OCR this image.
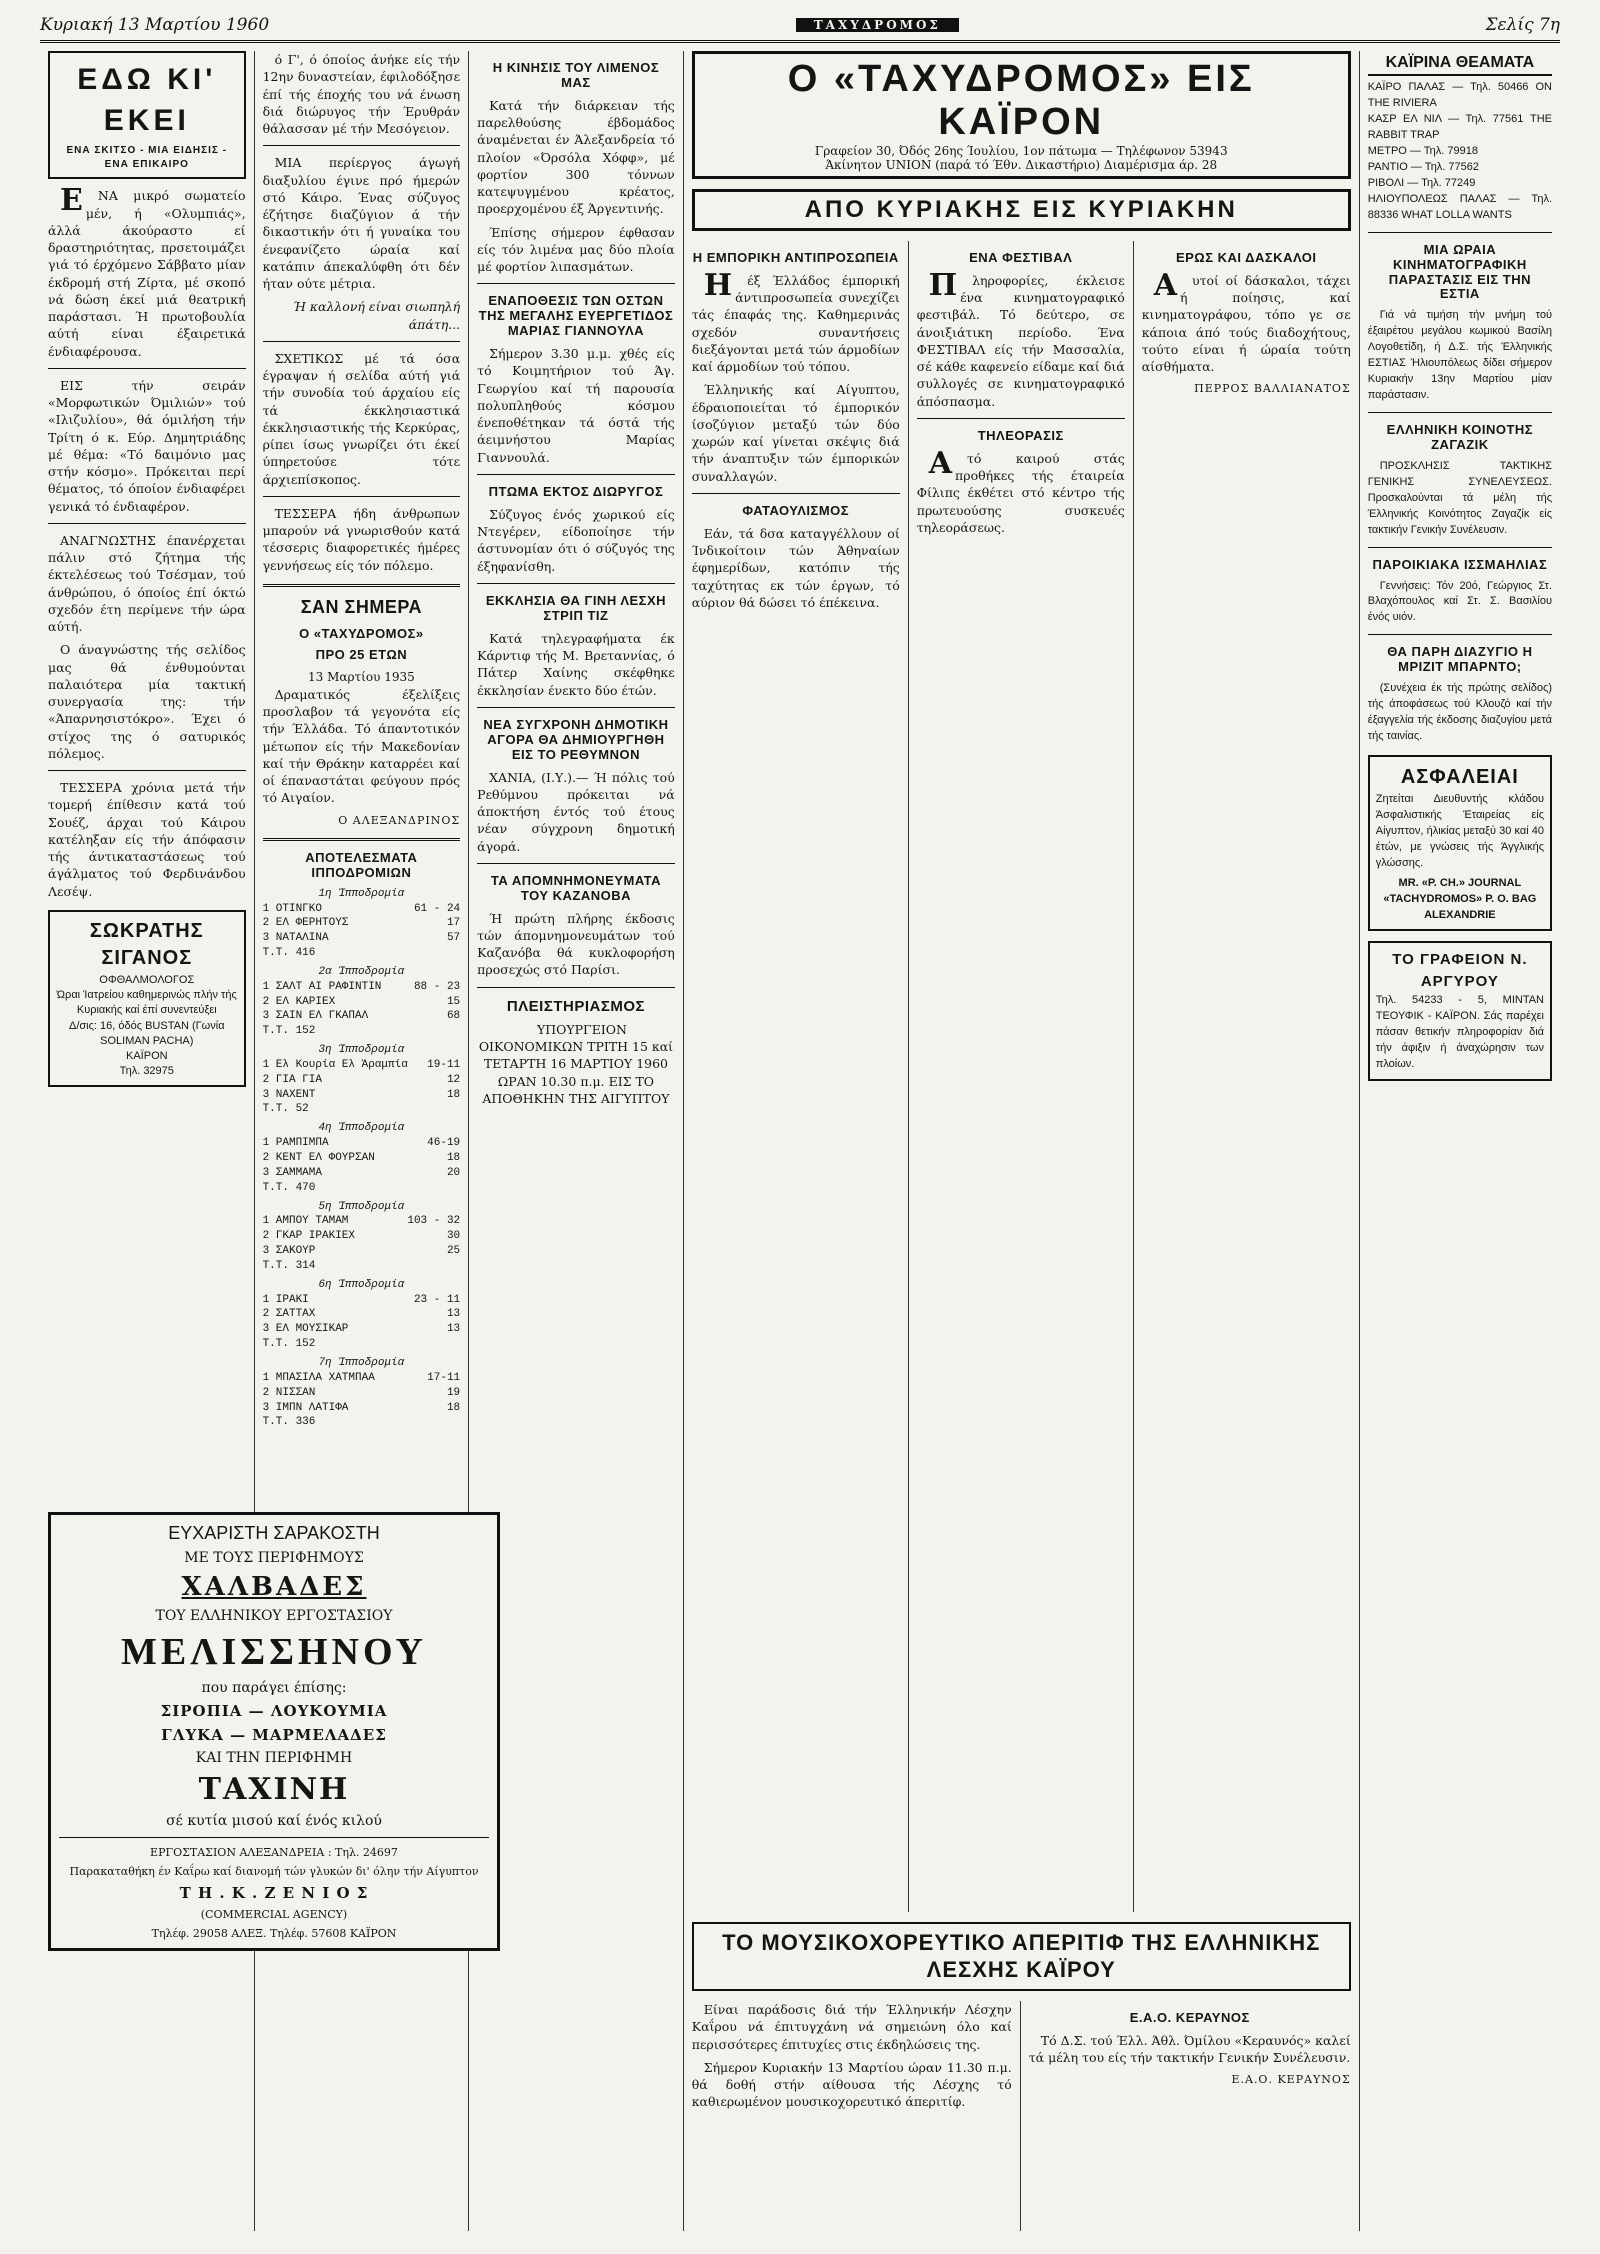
Κυριακή 13 Μαρτίου 1960	ΤΑΧΥΔΡΟΜΟΣ	Σελίς 7η
ΕΔΩ ΚΙ' ΕΚΕΙ
ΕΝΑ ΣΚΙΤΣΟ - ΜΙΑ ΕΙΔΗΣΙΣ - ΕΝΑ ΕΠΙΚΑΙΡΟ

ΕΝΑ μικρό σωματείο μέν, ή «Ολυμπιάς», άλλά άκούραστο εί δραστηριότητας, πρσετοιμάζει γιά τό έρχόμενο Σάββατο μίαν έκδρομή στή Ζίρτα, μέ σκοπό νά δώση έκεί μιά θεατρική παράστασι. Ή πρωτοβουλία αύτή είναι έξαιρετικά ένδιαφέρουσα.

ΕΙΣ τήν σειράν «Μορφωτικών Όμιλιών» τού «Ιλιζυλίου», θά όμιλήση τήν Τρίτη ό κ. Εύρ. Δημητριάδης μέ θέμα: «Τό δαιμόνιο μας στήν κόσμο». Πρόκειται περί θέματος, τό όποίον ένδιαφέρει γενικά τό ένδιαφέρον.

ΑΝΑΓΝΩΣΤΗΣ έπανέρχεται πάλιν στό ζήτημα τής έκτελέσεως τού Τσέσμαν, τού άνθρώπου, ό όποίος έπί όκτώ σχεδόν έτη περίμενε τήν ώρα αύτή.

Ο άναγνώστης τής σελίδος μας θά ένθυμούνται παλαιότερα μία τακτική συνεργασία της: τήν «Άπαρνησιστόκρο». Έχει ό στίχος της ό σατυρικός πόλεμος.

ΤΕΣΣΕΡΑ χρόνια μετά τήν τομερή έπίθεσιν κατά τού Σουέζ, άρχαι τού Κάιρου κατέληξαν είς τήν άπόφασιν τής άντικαταστάσεως τού άγάλματος τού Φερδινάνδου Λεσέψ.

ΣΩΚΡΑΤΗΣ ΣΙΓΑΝΟΣ
ΟΦΘΑΛΜΟΛΟΓΟΣ
Ώραι Ίατρείου καθημερινώς πλήν τής Κυριακής καί έπί συνεντεύξει
Δ/σις: 16, όδός BUSTAN (Γωνία SOLIMAN PACHA)
ΚΑΪΡΟΝ
Τηλ. 32975

ό Γ', ό όποίος άνήκε είς τήν 12ην δυναστείαν, έφιλοδόξησε έπί τής έποχής του νά ένωση διά διώρυγος τήν Έρυθράν θάλασσαν μέ τήν Μεσόγειον.

ΜΙΑ περίεργος άγωγή διαξυλίου έγινε πρό ήμερών στό Κάιρο. Ένας σύζυγος έζήτησε διαζύγιον ά τήν δικαστικήν ότι ή γυναίκα του ένεφανίζετο ώραία καί κατάπιν άπεκαλύφθη ότι δέν ήταν ούτε μέτρια.

Ή καλλονή είναι σιωπηλή άπάτη...

ΣΧΕΤΙΚΩΣ μέ τά όσα έγραψαν ή σελίδα αύτή γιά τήν συνοδία τού άρχαίου είς τά έκκλησιαστικά έκκλησιαστικής τής Κερκύρας, ρίπει ίσως γνωρίζει ότι έκεί ύπηρετούσε τότε άρχιεπίσκοπος.

ΤΕΣΣΕΡΑ ήδη άνθρωπων μπαρούν νά γνωρισθούν κατά τέσσερις διαφορετικές ήμέρες γεννήσεως είς τόν πόλεμο.

ΣΑΝ ΣΗΜΕΡΑ
Ο «ΤΑΧΥΔΡΟΜΟΣ»
ΠΡΟ 25 ΕΤΩΝ
13 Μαρτίου 1935

Δραματικός έξελίξεις προσλαβον τά γεγονότα είς τήν Έλλάδα. Τό άπαντοτικόν μέτωπον είς τήν Μακεδονίαν καί τήν Θράκην καταρρέει καί οί έπαναστάται φεύγουν πρός τό Αιγαίον.

Ο ΑΛΕΞΑΝΔΡΙΝΟΣ
ΑΠΟΤΕΛΕΣΜΑΤΑ ΙΠΠΟΔΡΟΜΙΩΝ
1η Ίπποδρομία
1 ΟΤΙΝΓΚΟ	61 - 24
2 ΕΛ ΦΕΡΗΤΟΥΣ	17
3 ΝΑΤΑΛΙΝΑ	57
Τ.Τ. 416
2α Ίπποδρομία
1 ΣΑΛΤ ΑΙ ΡΑΦΙΝΤΙΝ	88 - 23
2 ΕΛ ΚΑΡΙΕΧ	15
3 ΣΑΙΝ ΕΛ ΓΚΑΠΑΛ	68
Τ.Τ. 152
3η Ίπποδρομία
1 Ελ Κουρία Ελ Άραμπία 19-11
2 ΓΙΑ ΓΙΑ	12
3 ΝΑΧΕΝΤ	18
Τ.Τ. 52
4η Ίπποδρομία
1 ΡΑΜΠΙΜΠΑ	46-19
2 ΚΕΝΤ ΕΛ ΦΟΥΡΣΑΝ	18
3 ΣΑΜΜΑΜΑ	20
Τ.Τ. 470
5η Ίπποδρομία
1 ΑΜΠΟΥ ΤΑΜΑΜ	103 - 32
2 ΓΚΑΡ ΙΡΑΚΙΕΧ	30
3 ΣΑΚΟΥΡ	25
Τ.Τ. 314
6η Ίπποδρομία
1 ΙΡΑΚΙ	23 - 11
2 ΣΑΤΤΑΧ	13
3 ΕΛ ΜΟΥΣΙΚΑΡ	13
Τ.Τ. 152
7η Ίπποδρομία
1 ΜΠΑΣΙΛΑ ΧΑΤΜΠΑΑ	17-11
2 ΝΙΣΣΑΝ	19
3 ΙΜΠΝ ΛΑΤΙΦΑ	18
Τ.Τ. 336
Η ΚΙΝΗΣΙΣ ΤΟΥ ΛΙΜΕΝΟΣ ΜΑΣ

Κατά τήν διάρκειαν τής παρελθούσης έβδομάδος άναμένεται έν Άλεξανδρεία τό πλοίον «Όρσόλα Χόφφ», μέ φορτίον 300 τόννων κατεψυγμένου κρέατος, προερχομένου έξ Άργεντινής.

Έπίσης σήμερον έφθασαν είς τόν λιμένα μας δύο πλοία μέ φορτίον λιπασμάτων.

ΕΝΑΠΟΘΕΣΙΣ ΤΩΝ ΟΣΤΩΝ ΤΗΣ ΜΕΓΑΛΗΣ ΕΥΕΡΓΕΤΙΔΟΣ ΜΑΡΙΑΣ ΓΙΑΝΝΟΥΛΑ

Σήμερον 3.30 μ.μ. χθές είς τό Κοιμητήριον τού Άγ. Γεωργίου καί τή παρουσία πολυπληθούς κόσμου ένεποθέτηκαν τά όστά τής άειμνήστου Μαρίας Γιαννουλά.

ΠΤΩΜΑ ΕΚΤΟΣ ΔΙΩΡΥΓΟΣ

Σύζυγος ένός χωρικού είς Ντεγέρεν, είδοποίησε τήν άστυνομίαν ότι ό σύζυγός της έξηφανίσθη.

ΕΚΚΛΗΣΙΑ ΘΑ ΓΙΝΗ ΛΕΣΧΗ ΣΤΡΙΠ ΤΙΖ

Κατά τηλεγραφήματα έκ Κάρντιφ τής Μ. Βρεταννίας, ό Πάτερ Χαίνης σκέφθηκε έκκλησίαν ένεκτο δύο έτών.

ΝΕΑ ΣΥΓΧΡΟΝΗ ΔΗΜΟΤΙΚΗ ΑΓΟΡΑ ΘΑ ΔΗΜΙΟΥΡΓΗΘΗ ΕΙΣ ΤΟ ΡΕΘΥΜΝΟΝ

ΧΑΝΙΑ, (Ι.Υ.).— Ή πόλις τού Ρεθύμνου πρόκειται νά άποκτήση έντός τού έτους νέαν σύγχρονη δημοτική άγορά.

ΤΑ ΑΠΟΜΝΗΜΟΝΕΥΜΑΤΑ ΤΟΥ ΚΑΖΑΝΟΒΑ

Ή πρώτη πλήρης έκδοσις τών άπομνημονευμάτων τού Καζανόβα θά κυκλοφορήση προσεχώς στό Παρίσι.

ΠΛΕΙΣΤΗΡΙΑΣΜΟΣ

ΥΠΟΥΡΓΕΙΟΝ ΟΙΚΟΝΟΜΙΚΩΝ ΤΡΙΤΗ 15 καί ΤΕΤΑΡΤΗ 16 ΜΑΡΤΙΟΥ 1960 ΩΡΑΝ 10.30 π.μ. ΕΙΣ ΤΟ ΑΠΟΘΗΚΗΝ ΤΗΣ ΑΙΓΥΠΤΟΥ

Ο «ΤΑΧΥΔΡΟΜΟΣ» ΕΙΣ ΚΑΪΡΟΝ
Γραφείον 30, Όδός 26ης Ίουλίου, 1ον πάτωμα — Τηλέφωνον 53943
Άκίνητον UNION (παρά τό Έθν. Δικαστήριο) Διαμέρισμα άρ. 28
ΑΠΟ ΚΥΡΙΑΚΗΣ ΕΙΣ ΚΥΡΙΑΚΗΝ
Η ΕΜΠΟΡΙΚΗ ΑΝΤΙΠΡΟΣΩΠΕΙΑ

Ηέξ Έλλάδος έμπορική άντιπροσωπεία συνεχίζει τάς έπαφάς της. Καθημερινάς σχεδόν συναντήσεις διεξάγονται μετά τών άρμοδίων καί άρμοδίων τού τόπου.

Έλληνικής καί Αίγυπτου, έδραιοποιείται τό έμπορικόν ίσοζύγιον μεταξύ τών δύο χωρών καί γίνεται σκέψις διά τήν άναπτυξιν τών έμπορικών συναλλαγών.

ΦΑΤΑΟΥΛΙΣΜΟΣ

Εάν, τά δσα καταγγέλλουν οί Ίνδικοίτοιν τών Άθηναίων έφημερίδων, κατόπιν τής ταχύτητας εκ τών έργων, τό αύριον θά δώσει τό έπέκεινα.

ΕΝΑ ΦΕΣΤΙΒΑΛ

Πληροφορίες, έκλεισε ένα κινηματογραφικό φεστιβάλ. Τό δεύτερο, σε άνοιξιάτικη περίοδο. Ένα ΦΕΣΤΙΒΑΛ είς τήν Μασσαλία, σέ κάθε καφενείο είδαμε καί διά συλλογές σε κινηματογραφικό άπόσπασμα.

ΤΗΛΕΟΡΑΣΙΣ

Ατό καιρού στάς προθήκες τής έταιρεία Φίλιπς έκθέτει στό κέντρο τής πρωτευούσης συσκευές τηλεοράσεως.

ΕΡΩΣ ΚΑΙ ΔΑΣΚΑΛΟΙ

Αυτοί οί δάσκαλοι, τάχει ή ποίησις, καί κινηματογράφου, τόπο γε σε κάποια άπό τούς διαδοχήτους, τούτο είναι ή ώραία τούτη αίσθήματα.

ΠΕΡΡΟΣ ΒΑΛΛΙΑΝΑΤΟΣ
ΤΟ ΜΟΥΣΙΚΟΧΟΡΕΥΤΙΚΟ ΑΠΕΡΙΤΙΦ ΤΗΣ ΕΛΛΗΝΙΚΗΣ ΛΕΣΧΗΣ ΚΑΪΡΟΥ

Είναι παράδοσις διά τήν Έλληνικήν Λέσχην Καΐρου νά έπιτυγχάνη νά σημειώνη όλο καί περισσότερες έπιτυχίες στις έκδηλώσεις της.

Σήμερον Κυριακήν 13 Μαρτίου ώραν 11.30 π.μ. θά δοθή στήν αίθουσα τής Λέσχης τό καθιερωμένον μουσικοχορευτικό άπεριτίφ.

Ε.Α.Ο. ΚΕΡΑΥΝΟΣ

Τό Δ.Σ. τού Έλλ. Άθλ. Όμίλου «Κεραυνός» καλεί τά μέλη του είς τήν τακτικήν Γενικήν Συνέλευσιν.

Ε.Α.Ο. ΚΕΡΑΥΝΟΣ
ΚΑΪΡΙΝΑ ΘΕΑΜΑΤΑ
ΚΑΪΡΟ ΠΑΛΑΣ — Τηλ. 50466 ON THE RIVIERA
ΚΑΣΡ ΕΛ ΝΙΛ — Τηλ. 77561 THE RABBIT TRAP
ΜΕΤΡΟ — Τηλ. 79918
ΡΑΝΤΙΟ — Τηλ. 77562
ΡΙΒΟΛΙ — Τηλ. 77249
ΗΛΙΟΥΠΟΛΕΩΣ ΠΑΛΑΣ — Τηλ. 88336 WHAT LOLLA WANTS
ΜΙΑ ΩΡΑΙΑ ΚΙΝΗΜΑΤΟΓΡΑΦΙΚΗ ΠΑΡΑΣΤΑΣΙΣ ΕΙΣ ΤΗΝ ΕΣΤΙΑ

Γιά νά τιμήση τήν μνήμη τού έξαιρέτου μεγάλου κωμικού Βασίλη Λογοθετίδη, ή Δ.Σ. τής Έλληνικής ΕΣΤΙΑΣ Ήλιουπόλεως δίδει σήμερον Κυριακήν 13ην Μαρτίου μίαν παράστασιν.

ΕΛΛΗΝΙΚΗ ΚΟΙΝΟΤΗΣ ΖΑΓΑΖΙΚ

ΠΡΟΣΚΛΗΣΙΣ ΤΑΚΤΙΚΗΣ ΓΕΝΙΚΗΣ ΣΥΝΕΛΕΥΣΕΩΣ. Προσκαλούνται τά μέλη τής Έλληνικής Κοινότητος Ζαγαζίκ είς τακτικήν Γενικήν Συνέλευσιν.

ΠΑΡΟΙΚΙΑΚΑ ΙΣΣΜΑΗΛΙΑΣ

Γεννήσεις: Τόν 20ό, Γεώργιος Στ. Βλαχόπουλος καί Στ. Σ. Βασιλίου ένός υιόν.

ΘΑ ΠΑΡΗ ΔΙΑΖΥΓΙΟ Η ΜΡΙΖΙΤ ΜΠΑΡΝΤΟ;

(Συνέχεια έκ τής πρώτης σελίδος) τής άποφάσεως τού Κλουζό καί τήν έξαγγελία τής έκδοσης διαζυγίου μετά τής ταινίας.

ΑΣΦΑΛΕΙΑΙ
Ζητείται Διευθυντής κλάδου Άσφαλιστικής Έταιρείας είς Αίγυπτον, ήλικίας μεταξύ 30 καί 40 έτών, με γνώσεις τής Άγγλικής γλώσσης.
MR. «P. CH.» JOURNAL «TACHYDROMOS» P. O. BAG ALEXANDRIE
ΤΟ ΓΡΑΦΕΙΟΝ Ν. ΑΡΓΥΡΟΥ
Τηλ. 54233 - 5, ΜΙΝΤΑΝ ΤΕΟΥΦΙΚ - ΚΑΪΡΟΝ. Σάς παρέχει πάσαν θετικήν πληροφορίαν διά τήν άφιξιν ή άναχώρησιν των πλοίων.
ΕΥΧΑΡΙΣΤΗ ΣΑΡΑΚΟΣΤΗ
ΜΕ ΤΟΥΣ ΠΕΡΙΦΗΜΟΥΣ
ΧΑΛΒΑΔΕΣ
ΤΟΥ ΕΛΛΗΝΙΚΟΥ ΕΡΓΟΣΤΑΣΙΟΥ
ΜΕΛΙΣΣΗΝΟΥ
που παράγει έπίσης:
ΣΙΡΟΠΙΑ — ΛΟΥΚΟΥΜΙΑ
ΓΛΥΚΑ — ΜΑΡΜΕΛΑΔΕΣ
ΚΑΙ ΤΗΝ ΠΕΡΙΦΗΜΗ
ΤΑΧΙΝΗ
σέ κυτία μισού καί ένός κιλού
ΕΡΓΟΣΤΑΣΙΟΝ ΑΛΕΞΑΝΔΡΕΙΑ : Τηλ. 24697
Παρακαταθήκη έν Καΐρω καί διανομή τών γλυκών δι' όλην τήν Αίγυπτον
Τ Η . Κ . Ζ Ε Ν Ι Ο Σ
(COMMERCIAL AGENCY)
Τηλέφ. 29058 ΑΛΕΞ. Τηλέφ. 57608 ΚΑΪΡΟΝ
